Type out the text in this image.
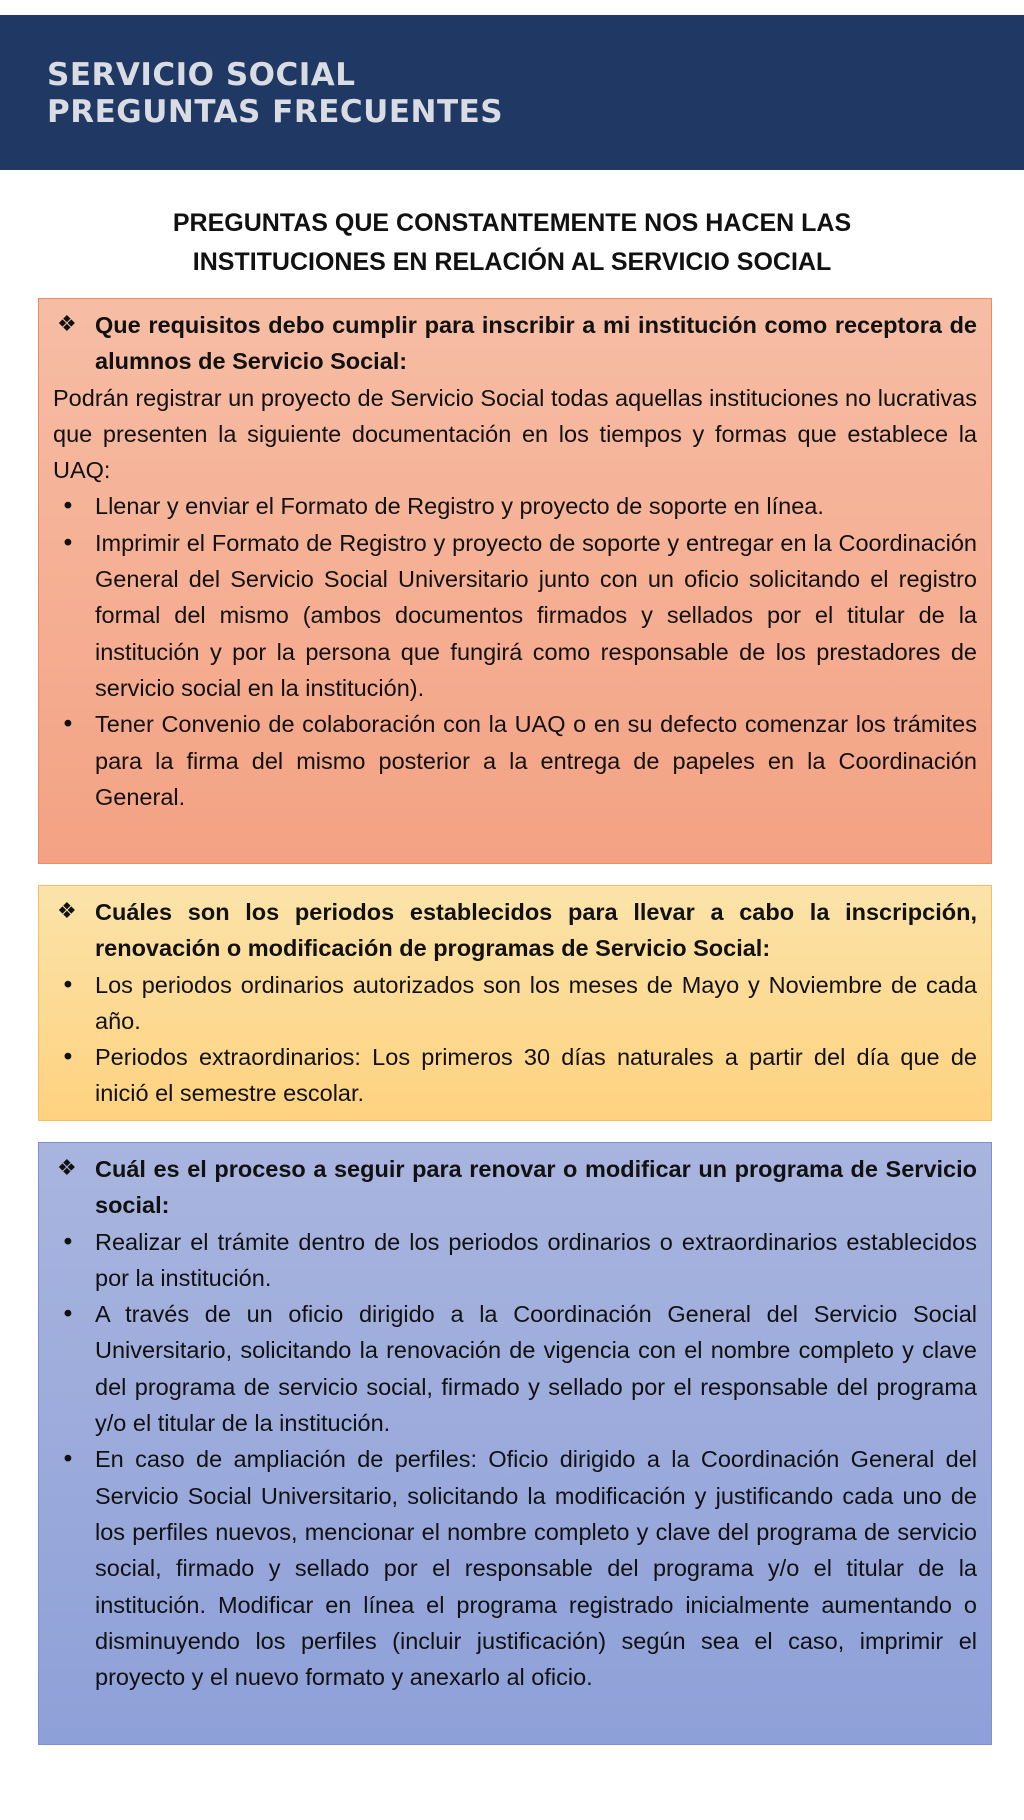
SERVICIO SOCIAL
PREGUNTAS FRECUENTES
PREGUNTAS QUE CONSTANTEMENTE NOS HACEN LAS
INSTITUCIONES EN RELACIÓN AL SERVICIO SOCIAL

❖ Que requisitos debo cumplir para inscribir a mi institución como receptora de alumnos de Servicio Social:

Podrán registrar un proyecto de Servicio Social todas aquellas instituciones no lucrativas que presenten la siguiente documentación en los tiempos y formas que establece la UAQ:

• Llenar y enviar el Formato de Registro y proyecto de soporte en línea.
• Imprimir el Formato de Registro y proyecto de soporte y entregar en la Coordinación General del Servicio Social Universitario junto con un oficio solicitando el registro formal del mismo (ambos documentos firmados y sellados por el titular de la institución y por la persona que fungirá como responsable de los prestadores de servicio social en la institución).
• Tener Convenio de colaboración con la UAQ o en su defecto comenzar los trámites para la firma del mismo posterior a la entrega de papeles en la Coordinación General.

❖ Cuáles son los periodos establecidos para llevar a cabo la inscripción, renovación o modificación de programas de Servicio Social:

• Los periodos ordinarios autorizados son los meses de Mayo y Noviembre de cada año.
• Periodos extraordinarios: Los primeros 30 días naturales a partir del día que de inició el semestre escolar.

❖ Cuál es el proceso a seguir para renovar o modificar un programa de Servicio social:

• Realizar el trámite dentro de los periodos ordinarios o extraordinarios establecidos por la institución.
• A través de un oficio dirigido a la Coordinación General del Servicio Social Universitario, solicitando la renovación de vigencia con el nombre completo y clave del programa de servicio social, firmado y sellado por el responsable del programa y/o el titular de la institución.
• En caso de ampliación de perfiles: Oficio dirigido a la Coordinación General del Servicio Social Universitario, solicitando la modificación y justificando cada uno de los perfiles nuevos, mencionar el nombre completo y clave del programa de servicio social, firmado y sellado por el responsable del programa y/o el titular de la institución. Modificar en línea el programa registrado inicialmente aumentando o disminuyendo los perfiles (incluir justificación) según sea el caso, imprimir el proyecto y el nuevo formato y anexarlo al oficio.
